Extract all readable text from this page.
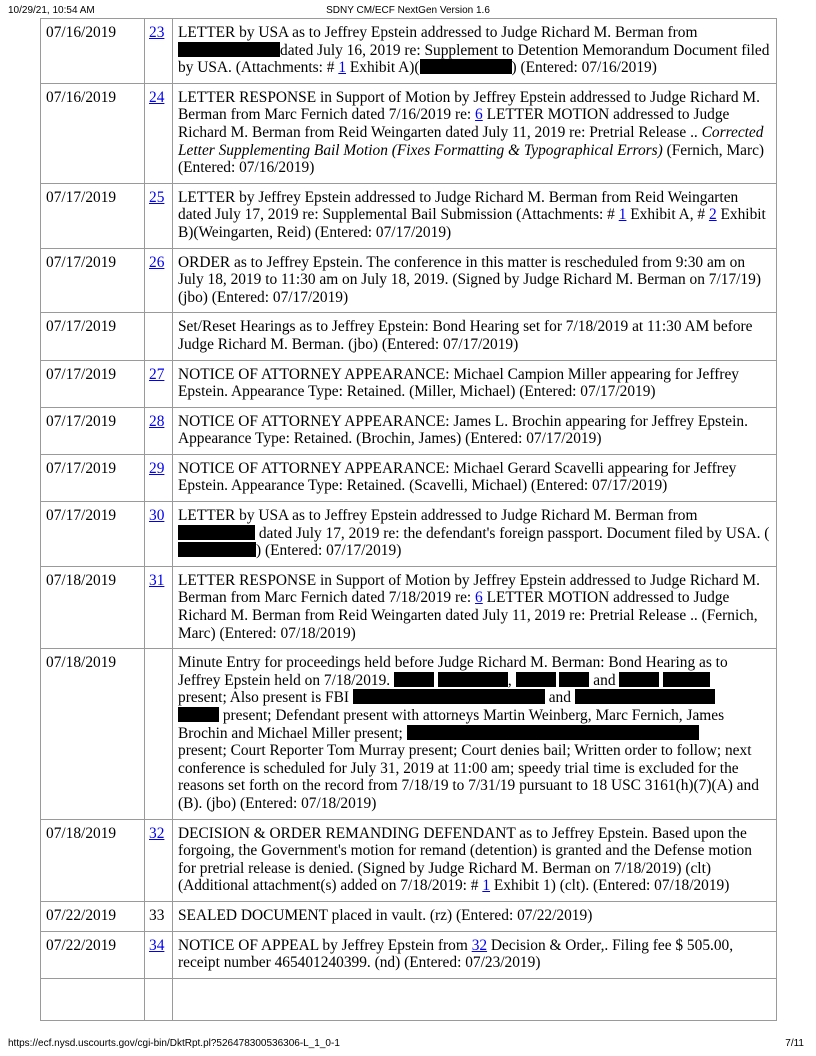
10/29/21, 10:54 AM	SDNY CM/ECF NextGen Version 1.6
07/16/2019	23	LETTER by USA as to Jeffrey Epstein addressed to Judge Richard M. Berman from
dated July 16, 2019 re: Supplement to Detention Memorandum Document filed by USA. (Attachments: # 1 Exhibit A)( ) (Entered: 07/16/2019)
07/16/2019	24	LETTER RESPONSE in Support of Motion by Jeffrey Epstein addressed to Judge Richard M. Berman from Marc Fernich dated 7/16/2019 re: 6 LETTER MOTION addressed to Judge Richard M. Berman from Reid Weingarten dated July 11, 2019 re: Pretrial Release .. Corrected Letter Supplementing Bail Motion (Fixes Formatting & Typographical Errors) (Fernich, Marc) (Entered: 07/16/2019)
07/17/2019	25	LETTER by Jeffrey Epstein addressed to Judge Richard M. Berman from Reid Weingarten dated July 17, 2019 re: Supplemental Bail Submission (Attachments: # 1 Exhibit A, # 2 Exhibit B)(Weingarten, Reid) (Entered: 07/17/2019)
07/17/2019	26	ORDER as to Jeffrey Epstein. The conference in this matter is rescheduled from 9:30 am on July 18, 2019 to 11:30 am on July 18, 2019. (Signed by Judge Richard M. Berman on 7/17/19)(jbo) (Entered: 07/17/2019)
07/17/2019		Set/Reset Hearings as to Jeffrey Epstein: Bond Hearing set for 7/18/2019 at 11:30 AM before Judge Richard M. Berman. (jbo) (Entered: 07/17/2019)
07/17/2019	27	NOTICE OF ATTORNEY APPEARANCE: Michael Campion Miller appearing for Jeffrey Epstein. Appearance Type: Retained. (Miller, Michael) (Entered: 07/17/2019)
07/17/2019	28	NOTICE OF ATTORNEY APPEARANCE: James L. Brochin appearing for Jeffrey Epstein. Appearance Type: Retained. (Brochin, James) (Entered: 07/17/2019)
07/17/2019	29	NOTICE OF ATTORNEY APPEARANCE: Michael Gerard Scavelli appearing for Jeffrey Epstein. Appearance Type: Retained. (Scavelli, Michael) (Entered: 07/17/2019)
07/17/2019	30	LETTER by USA as to Jeffrey Epstein addressed to Judge Richard M. Berman from
dated July 17, 2019 re: the defendant's foreign passport. Document filed by USA. () (Entered: 07/17/2019)
07/18/2019	31	LETTER RESPONSE in Support of Motion by Jeffrey Epstein addressed to Judge Richard M. Berman from Marc Fernich dated 7/18/2019 re: 6 LETTER MOTION addressed to Judge Richard M. Berman from Reid Weingarten dated July 11, 2019 re: Pretrial Release .. (Fernich, Marc) (Entered: 07/18/2019)
07/18/2019		Minute Entry for proceedings held before Judge Richard M. Berman: Bond Hearing as to Jeffrey Epstein held on 7/18/2019. , and
present; Also present is FBI and
present; Defendant present with attorneys Martin Weinberg, Marc Fernich, James Brochin and Michael Miller present;
present; Court Reporter Tom Murray present; Court denies bail; Written order to follow; next conference is scheduled for July 31, 2019 at 11:00 am; speedy trial time is excluded for the reasons set forth on the record from 7/18/19 to 7/31/19 pursuant to 18 USC 3161(h)(7)(A) and (B). (jbo) (Entered: 07/18/2019)
07/18/2019	32	DECISION & ORDER REMANDING DEFENDANT as to Jeffrey Epstein. Based upon the forgoing, the Government's motion for remand (detention) is granted and the Defense motion for pretrial release is denied. (Signed by Judge Richard M. Berman on 7/18/2019) (clt) (Additional attachment(s) added on 7/18/2019: # 1 Exhibit 1) (clt). (Entered: 07/18/2019)
07/22/2019	33	SEALED DOCUMENT placed in vault. (rz) (Entered: 07/22/2019)
07/22/2019	34	NOTICE OF APPEAL by Jeffrey Epstein from 32 Decision & Order,. Filing fee $ 505.00, receipt number 465401240399. (nd) (Entered: 07/23/2019)

https://ecf.nysd.uscourts.gov/cgi-bin/DktRpt.pl?526478300536306-L_1_0-1	7/11
